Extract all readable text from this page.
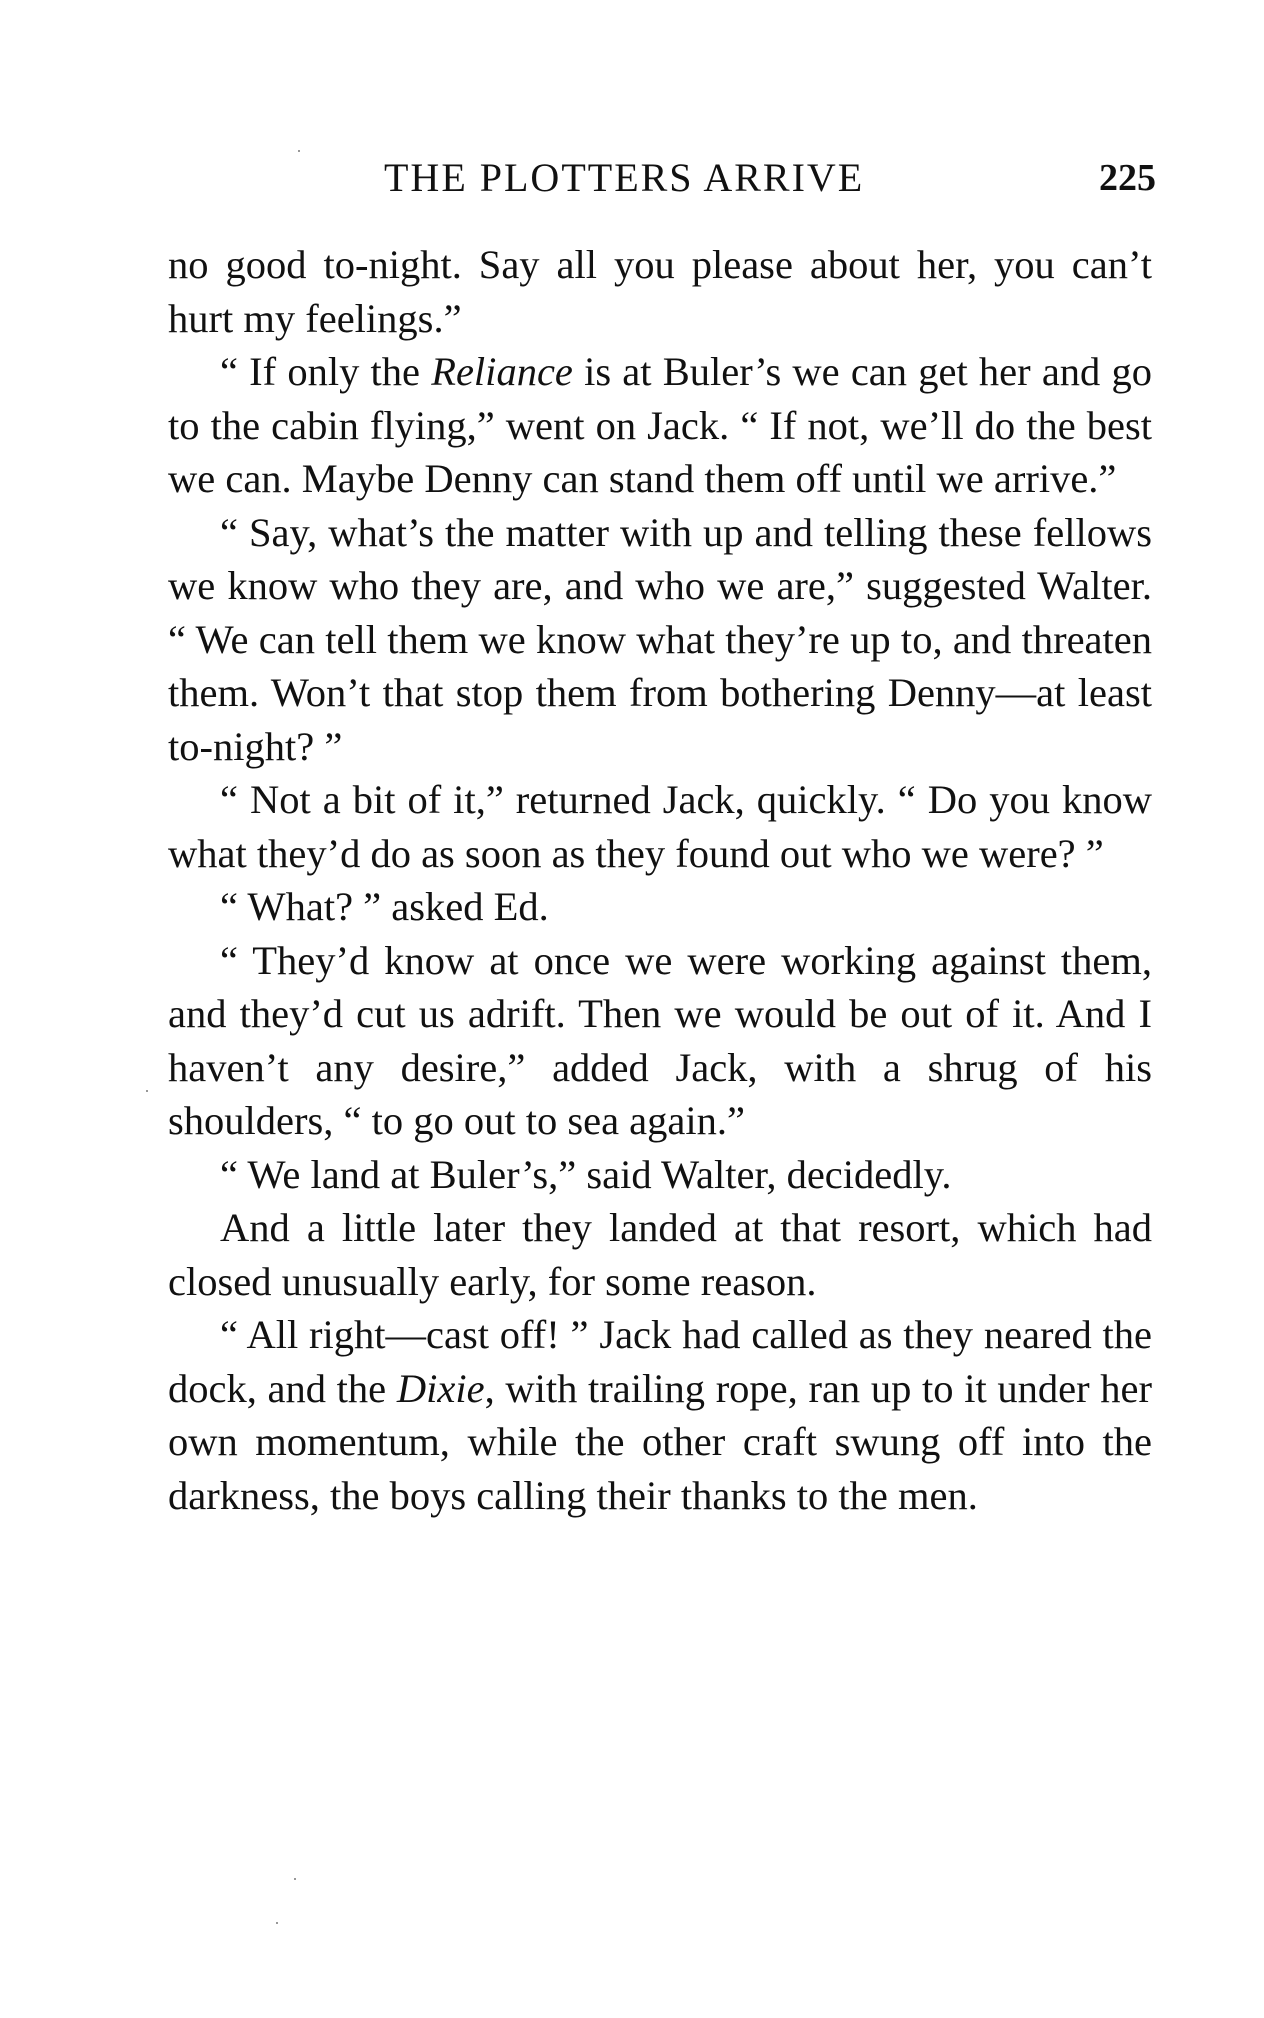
THE PLOTTERS ARRIVE	225

no good to-night. Say all you please about her, you can’t hurt my feelings.”

“ If only the Reliance is at Buler’s we can get her and go to the cabin flying,” went on Jack. “ If not, we’ll do the best we can. Maybe Denny can stand them off until we arrive.”

“ Say, what’s the matter with up and telling these fellows we know who they are, and who we are,” suggested Walter. “ We can tell them we know what they’re up to, and threaten them. Won’t that stop them from bothering Denny—at least to-night? ”

“ Not a bit of it,” returned Jack, quickly. “ Do you know what they’d do as soon as they found out who we were? ”

“ What? ” asked Ed.

“ They’d know at once we were working against them, and they’d cut us adrift. Then we would be out of it. And I haven’t any desire,” added Jack, with a shrug of his shoulders, “ to go out to sea again.”

“ We land at Buler’s,” said Walter, decidedly.

And a little later they landed at that resort, which had closed unusually early, for some reason.

“ All right—cast off! ” Jack had called as they neared the dock, and the Dixie, with trailing rope, ran up to it under her own momentum, while the other craft swung off into the darkness, the boys calling their thanks to the men.
